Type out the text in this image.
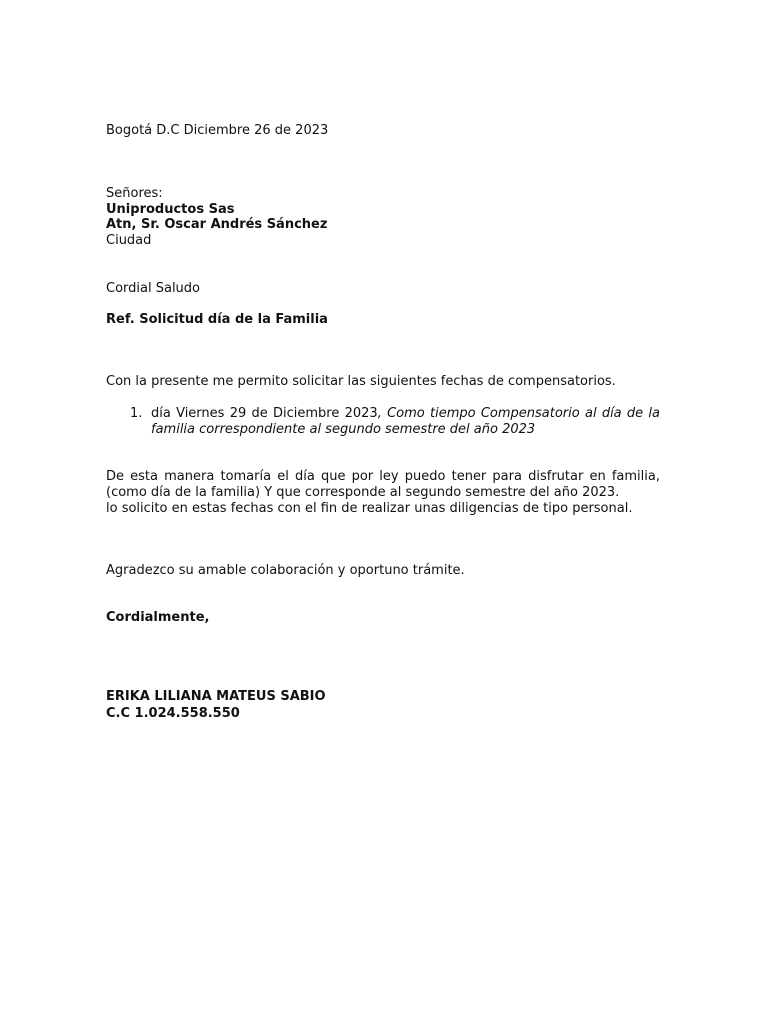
Bogotá D.C Diciembre 26 de 2023
Señores:
Uniproductos Sas
Atn, Sr. Oscar Andrés Sánchez
Ciudad
Cordial Saludo
Ref. Solicitud día de la Familia
Con la presente me permito solicitar las siguientes fechas de compensatorios.
1. día Viernes 29 de Diciembre 2023, Como tiempo Compensatorio al día de la
familia correspondiente al segundo semestre del año 2023
De esta manera tomaría el día que por ley puedo tener para disfrutar en familia,
(como día de la familia) Y que corresponde al segundo semestre del año 2023.
lo solicito en estas fechas con el fin de realizar unas diligencias de tipo personal.
Agradezco su amable colaboración y oportuno trámite.
Cordialmente,
ERIKA LILIANA MATEUS SABIO
C.C 1.024.558.550
